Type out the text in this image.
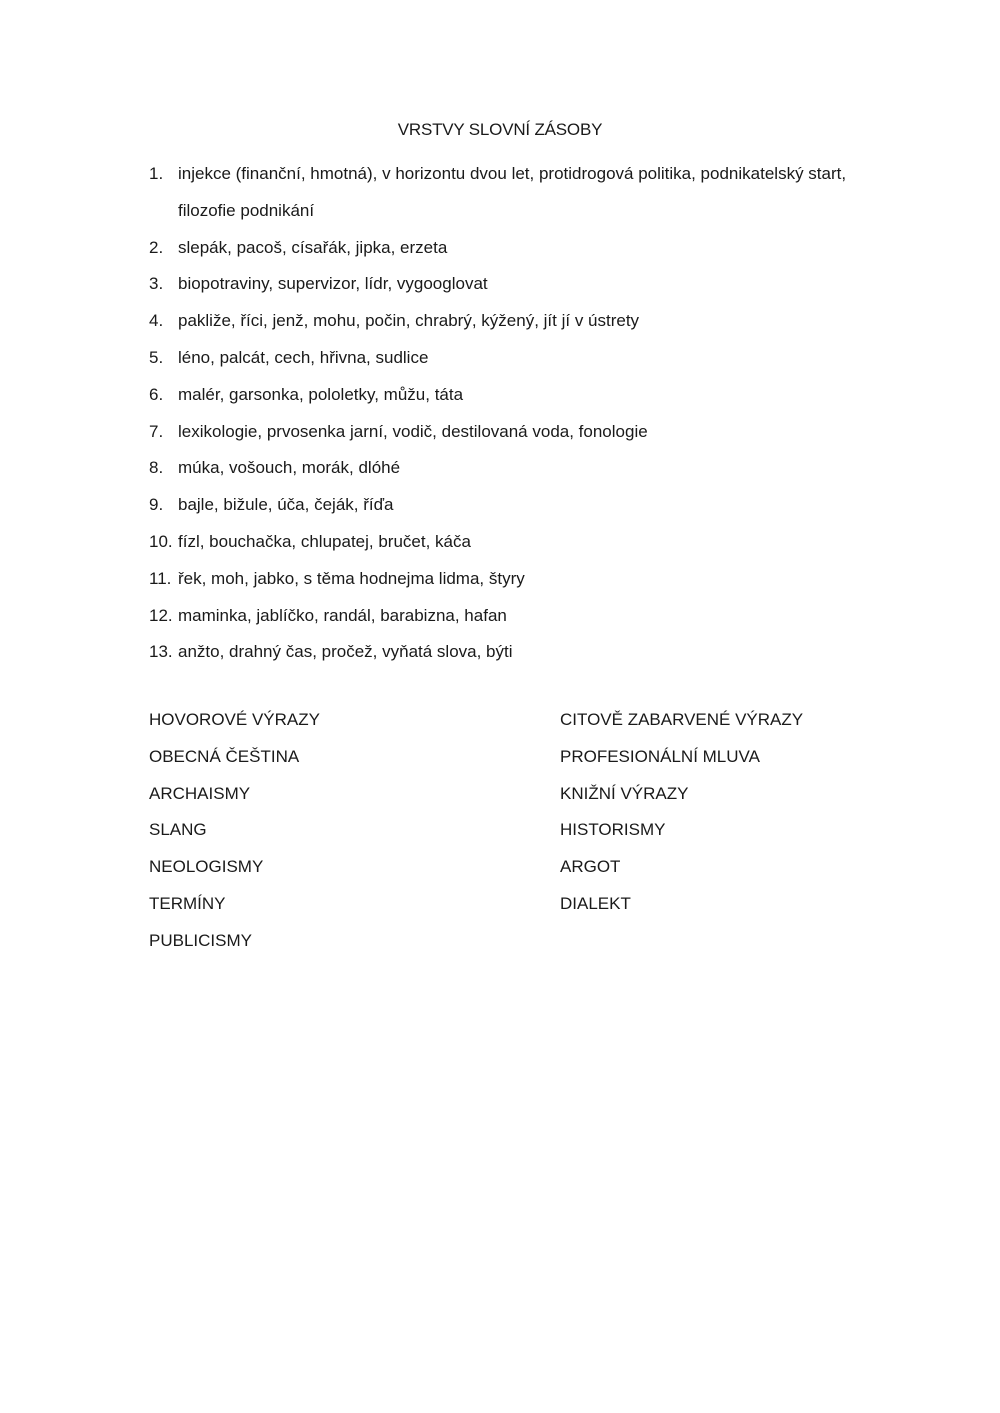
VRSTVY SLOVNÍ ZÁSOBY
1. injekce (finanční, hmotná), v horizontu dvou let, protidrogová politika, podnikatelský start, filozofie podnikání
2. slepák, pacoš, císařák, jipka, erzeta
3. biopotraviny, supervizor, lídr, vygooglovat
4. pakliže, říci, jenž, mohu, počin, chrabrý, kýžený, jít jí v ústrety
5. léno, palcát, cech, hřivna, sudlice
6. malér, garsonka, pololetky, můžu, táta
7. lexikologie, prvosenka jarní, vodič, destilovaná voda, fonologie
8. múka, vošouch, morák, dlóhé
9. bajle, bižule, úča, čeják, říďa
10. fízl, bouchačka, chlupatej, bručet, káča
11. řek, moh, jabko, s těma hodnejma lidma, štyry
12. maminka, jablíčko, randál, barabizna, hafan
13. anžto, drahný čas, pročež, vyňatá slova, býti
HOVOROVÉ VÝRAZY
OBECNÁ ČEŠTINA
ARCHAISMY
SLANG
NEOLOGISMY
TERMÍNY
PUBLICISMY
CITOVĚ ZABARVENÉ VÝRAZY
PROFESIONÁLNÍ MLUVA
KNIŽNÍ VÝRAZY
HISTORISMY
ARGOT
DIALEKT
